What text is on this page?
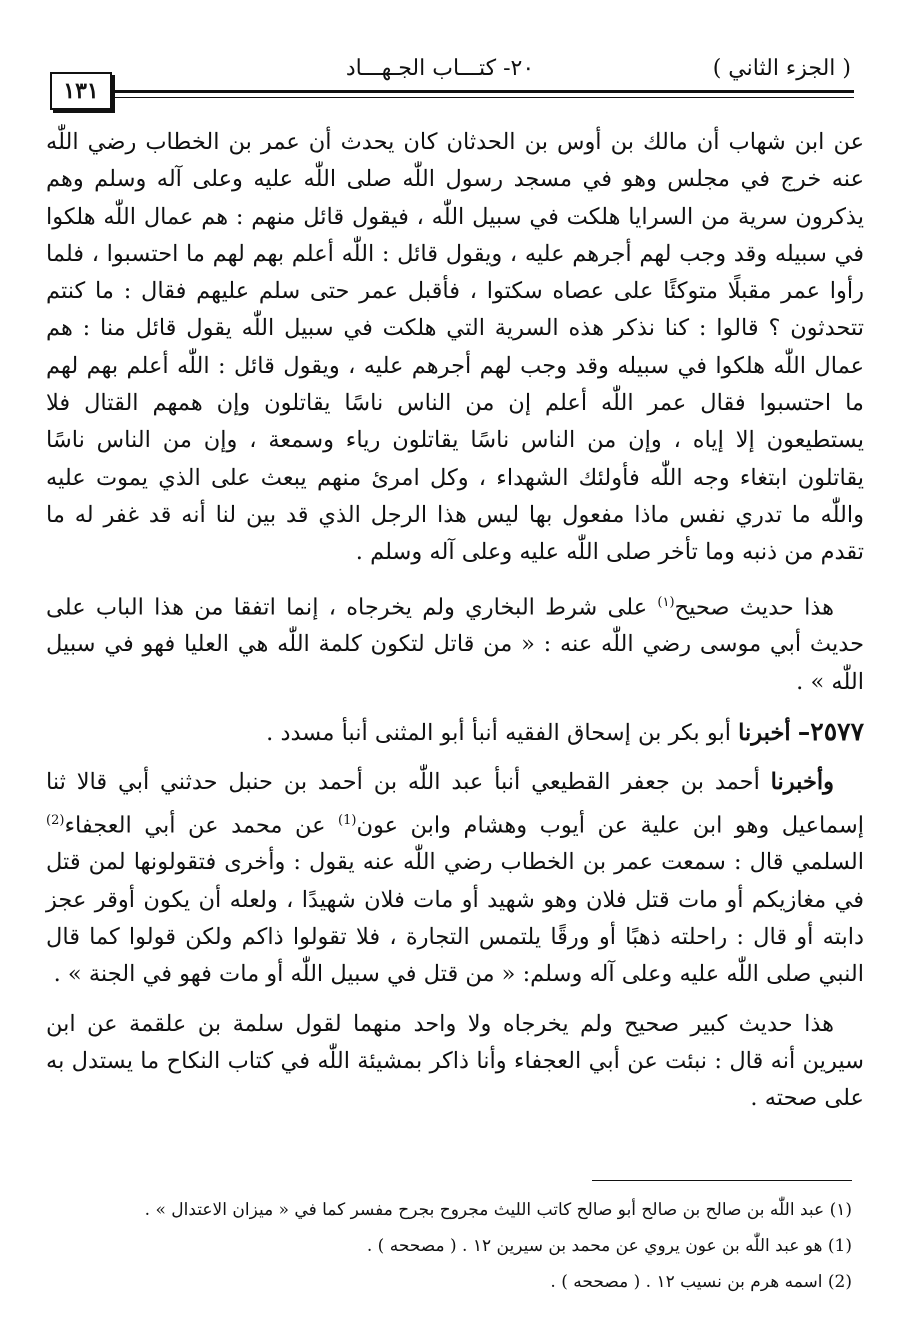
( الجزء الثاني )
٢٠- كتـــاب الجـهـــاد
١٣١

عن ابن شهاب أن مالك بن أوس بن الحدثان كان يحدث أن عمر بن الخطاب رضي اللّٰه عنه خرج في مجلس وهو في مسجد رسول اللّٰه صلى اللّٰه عليه وعلى آله وسلم وهم يذكرون سرية من السرايا هلكت في سبيل اللّٰه ، فيقول قائل منهم : هم عمال اللّٰه هلكوا في سبيله وقد وجب لهم أجرهم عليه ، ويقول قائل : اللّٰه أعلم بهم لهم ما احتسبوا ، فلما رأوا عمر مقبلًا متوكئًا على عصاه سكتوا ، فأقبل عمر حتى سلم عليهم فقال : ما كنتم تتحدثون ؟ قالوا : كنا نذكر هذه السرية التي هلكت في سبيل اللّٰه يقول قائل منا : هم عمال اللّٰه هلكوا في سبيله وقد وجب لهم أجرهم عليه ، ويقول قائل : اللّٰه أعلم بهم لهم ما احتسبوا فقال عمر اللّٰه أعلم إن من الناس ناسًا يقاتلون وإن همهم القتال فلا يستطيعون إلا إياه ، وإن من الناس ناسًا يقاتلون رياء وسمعة ، وإن من الناس ناسًا يقاتلون ابتغاء وجه اللّٰه فأولئك الشهداء ، وكل امرئ منهم يبعث على الذي يموت عليه واللّٰه ما تدري نفس ماذا مفعول بها ليس هذا الرجل الذي قد بين لنا أنه قد غفر له ما تقدم من ذنبه وما تأخر صلى اللّٰه عليه وعلى آله وسلم .

هذا حديث صحيح$^{(١)}$ على شرط البخاري ولم يخرجاه ، إنما اتفقا من هذا الباب على حديث أبي موسى رضي اللّٰه عنه : « من قاتل لتكون كلمة اللّٰه هي العليا فهو في سبيل اللّٰه » .

٢٥٧٧– أخبرنا أبو بكر بن إسحاق الفقيه أنبأ أبو المثنى أنبأ مسدد .

وأخبرنا أحمد بن جعفر القطيعي أنبأ عبد اللّٰه بن أحمد بن حنبل حدثني أبي قالا ثنا إسماعيل وهو ابن علية عن أيوب وهشام وابن عون$^{(1)}$ عن محمد عن أبي العجفاء$^{(2)}$ السلمي قال : سمعت عمر بن الخطاب رضي اللّٰه عنه يقول : وأخرى فتقولونها لمن قتل في مغازيكم أو مات قتل فلان وهو شهيد أو مات فلان شهيدًا ، ولعله أن يكون أوقر عجز دابته أو قال : راحلته ذهبًا أو ورقًا يلتمس التجارة ، فلا تقولوا ذاكم ولكن قولوا كما قال النبي صلى اللّٰه عليه وعلى آله وسلم: « من قتل في سبيل اللّٰه أو مات فهو في الجنة » .

هذا حديث كبير صحيح ولم يخرجاه ولا واحد منهما لقول سلمة بن علقمة عن ابن سيرين أنه قال : نبئت عن أبي العجفاء وأنا ذاكر بمشيئة اللّٰه في كتاب النكاح ما يستدل به على صحته .

(١) عبد اللّٰه بن صالح بن صالح أبو صالح كاتب الليث مجروح بجرح مفسر كما في « ميزان الاعتدال » .
(1) هو عبد اللّٰه بن عون يروي عن محمد بن سيرين ١٢ . ( مصححه ) .
(2) اسمه هرم بن نسيب ١٢ . ( مصححه ) .
